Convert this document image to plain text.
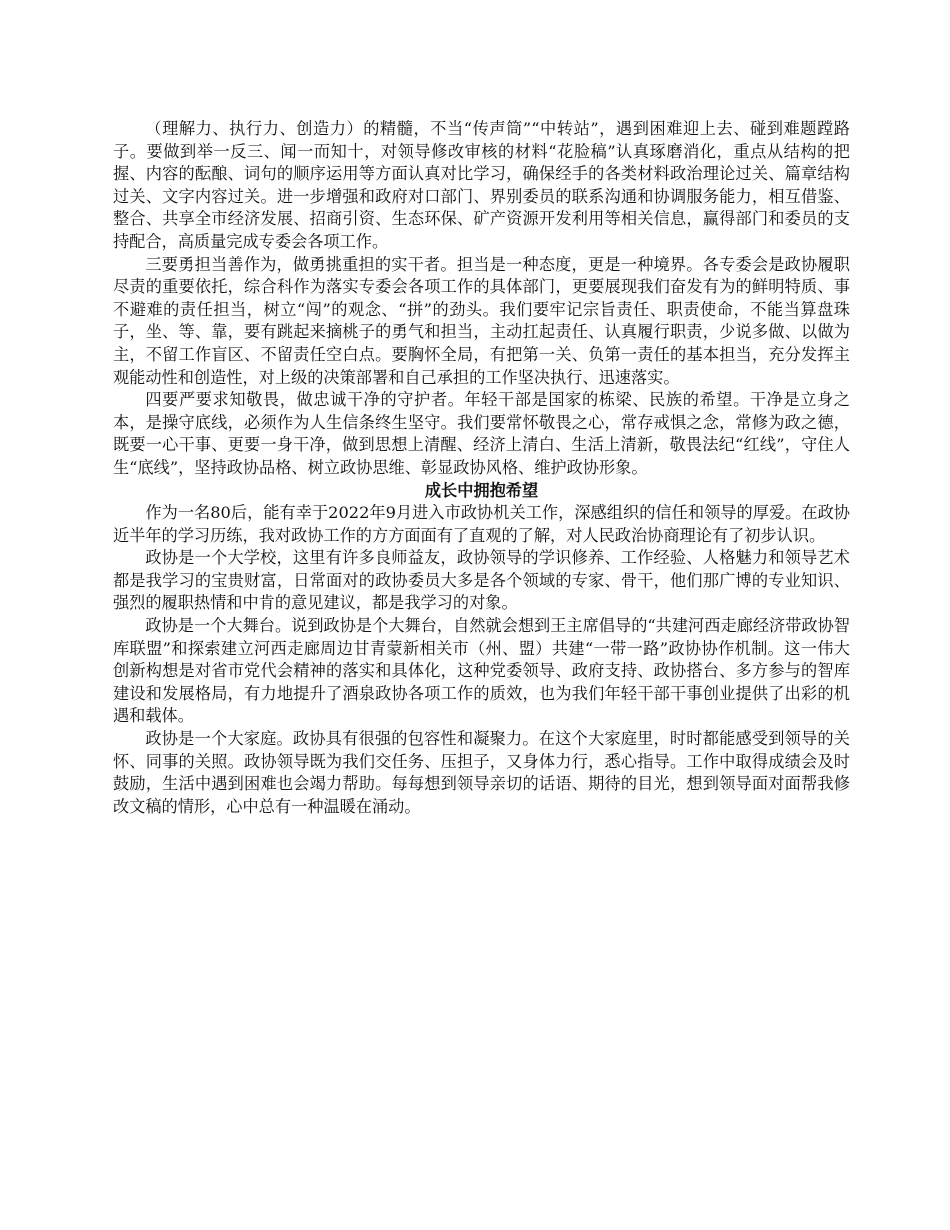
（理解力、执行力、创造力）的精髓，不当“传声筒”“中转站”，遇到困难迎上去、碰到难题蹚路子。要做到举一反三、闻一而知十，对领导修改审核的材料“花脸稿”认真琢磨消化，重点从结构的把握、内容的酝酿、词句的顺序运用等方面认真对比学习，确保经手的各类材料政治理论过关、篇章结构过关、文字内容过关。进一步增强和政府对口部门、界别委员的联系沟通和协调服务能力，相互借鉴、整合、共享全市经济发展、招商引资、生态环保、矿产资源开发利用等相关信息，赢得部门和委员的支持配合，高质量完成专委会各项工作。

三要勇担当善作为，做勇挑重担的实干者。担当是一种态度，更是一种境界。各专委会是政协履职尽责的重要依托，综合科作为落实专委会各项工作的具体部门，更要展现我们奋发有为的鲜明特质、事不避难的责任担当，树立“闯”的观念、“拼”的劲头。我们要牢记宗旨责任、职责使命，不能当算盘珠子，坐、等、靠，要有跳起来摘桃子的勇气和担当，主动扛起责任、认真履行职责，少说多做、以做为主，不留工作盲区、不留责任空白点。要胸怀全局，有把第一关、负第一责任的基本担当，充分发挥主观能动性和创造性，对上级的决策部署和自己承担的工作坚决执行、迅速落实。

四要严要求知敬畏，做忠诚干净的守护者。年轻干部是国家的栋梁、民族的希望。干净是立身之本，是操守底线，必须作为人生信条终生坚守。我们要常怀敬畏之心，常存戒惧之念，常修为政之德，既要一心干事、更要一身干净，做到思想上清醒、经济上清白、生活上清新，敬畏法纪“红线”，守住人生“底线”，坚持政协品格、树立政协思维、彰显政协风格、维护政协形象。

成长中拥抱希望

作为一名80后，能有幸于2022年9月进入市政协机关工作，深感组织的信任和领导的厚爱。在政协近半年的学习历练，我对政协工作的方方面面有了直观的了解，对人民政治协商理论有了初步认识。

政协是一个大学校，这里有许多良师益友，政协领导的学识修养、工作经验、人格魅力和领导艺术都是我学习的宝贵财富，日常面对的政协委员大多是各个领域的专家、骨干，他们那广博的专业知识、强烈的履职热情和中肯的意见建议，都是我学习的对象。

政协是一个大舞台。说到政协是个大舞台，自然就会想到王主席倡导的“共建河西走廊经济带政协智库联盟”和探索建立河西走廊周边甘青蒙新相关市（州、盟）共建“一带一路”政协协作机制。这一伟大创新构想是对省市党代会精神的落实和具体化，这种党委领导、政府支持、政协搭台、多方参与的智库建设和发展格局，有力地提升了酒泉政协各项工作的质效，也为我们年轻干部干事创业提供了出彩的机遇和载体。

政协是一个大家庭。政协具有很强的包容性和凝聚力。在这个大家庭里，时时都能感受到领导的关怀、同事的关照。政协领导既为我们交任务、压担子，又身体力行，悉心指导。工作中取得成绩会及时鼓励，生活中遇到困难也会竭力帮助。每每想到领导亲切的话语、期待的目光，想到领导面对面帮我修改文稿的情形，心中总有一种温暖在涌动。
